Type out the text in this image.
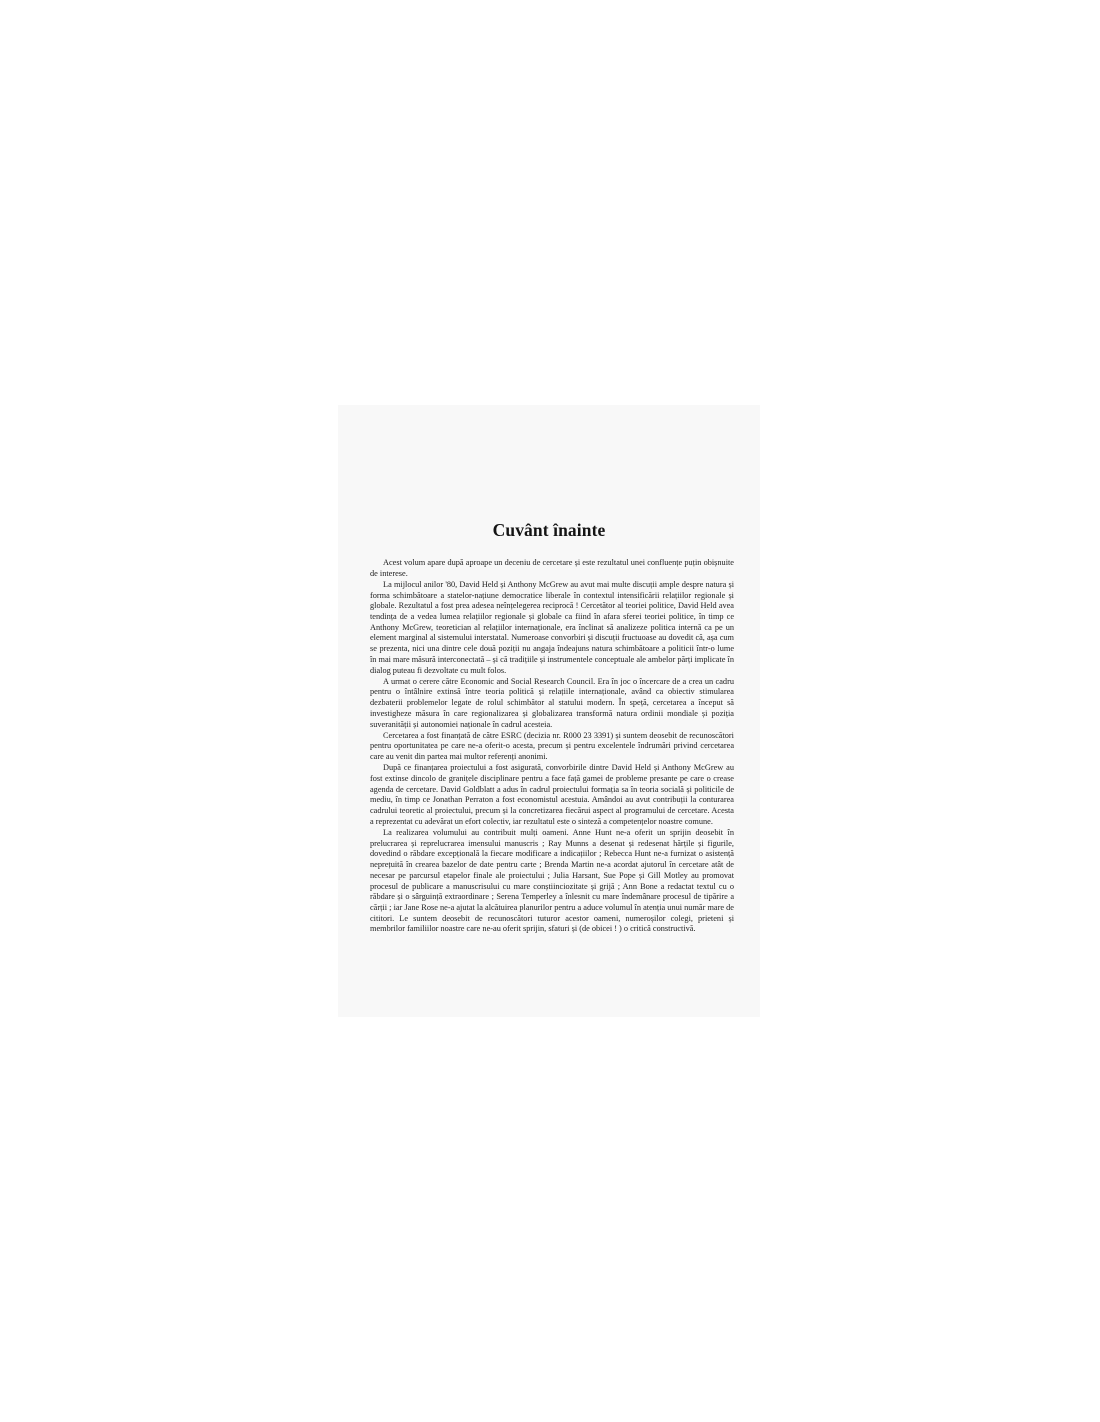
Cuvânt înainte

Acest volum apare după aproape un deceniu de cercetare și este rezultatul unei confluențe puțin obișnuite de interese.

La mijlocul anilor '80, David Held și Anthony McGrew au avut mai multe discuții ample despre natura și forma schimbătoare a statelor-națiune democratice liberale în contextul intensificării relațiilor regionale și globale. Rezultatul a fost prea adesea neînțelegerea reciprocă ! Cercetător al teoriei politice, David Held avea tendința de a vedea lumea relațiilor regionale și globale ca fiind în afara sferei teoriei politice, în timp ce Anthony McGrew, teoretician al relațiilor internaționale, era înclinat să analizeze politica internă ca pe un element marginal al sistemului interstatal. Numeroase convorbiri și discuții fructuoase au dovedit că, așa cum se prezenta, nici una dintre cele două poziții nu angaja îndeajuns natura schimbătoare a politicii într-o lume în mai mare măsură interconectată – și că tradițiile și instrumentele conceptuale ale ambelor părți implicate în dialog puteau fi dezvoltate cu mult folos.

A urmat o cerere către Economic and Social Research Council. Era în joc o încercare de a crea un cadru pentru o întâlnire extinsă între teoria politică și relațiile internaționale, având ca obiectiv stimularea dezbaterii problemelor legate de rolul schimbător al statului modern. În speță, cercetarea a început să investigheze măsura în care regionalizarea și globalizarea transformă natura ordinii mondiale și poziția suveranității și autonomiei naționale în cadrul acesteia.

Cercetarea a fost finanțată de către ESRC (decizia nr. R000 23 3391) și suntem deosebit de recunoscători pentru oportunitatea pe care ne-a oferit-o acesta, precum și pentru excelentele îndrumări privind cercetarea care au venit din partea mai multor referenți anonimi.

După ce finanțarea proiectului a fost asigurată, convorbirile dintre David Held și Anthony McGrew au fost extinse dincolo de granițele disciplinare pentru a face față gamei de probleme presante pe care o crease agenda de cercetare. David Goldblatt a adus în cadrul proiectului formația sa în teoria socială și politicile de mediu, în timp ce Jonathan Perraton a fost economistul acestuia. Amândoi au avut contribuții la conturarea cadrului teoretic al proiectului, precum și la concretizarea fiecărui aspect al programului de cercetare. Acesta a reprezentat cu adevărat un efort colectiv, iar rezultatul este o sinteză a competențelor noastre comune.

La realizarea volumului au contribuit mulți oameni. Anne Hunt ne-a oferit un sprijin deosebit în prelucrarea și reprelucrarea imensului manuscris ; Ray Munns a desenat și redesenat hărțile și figurile, dovedind o răbdare excepțională la fiecare modificare a indicațiilor ; Rebecca Hunt ne-a furnizat o asistență neprețuită în crearea bazelor de date pentru carte ; Brenda Martin ne-a acordat ajutorul în cercetare atât de necesar pe parcursul etapelor finale ale proiectului ; Julia Harsant, Sue Pope și Gill Motley au promovat procesul de publicare a manuscrisului cu mare conștiinciozitate și grijă ; Ann Bone a redactat textul cu o răbdare și o sârguință extraordinare ; Serena Temperley a înlesnit cu mare îndemânare procesul de tipărire a cărții ; iar Jane Rose ne-a ajutat la alcătuirea planurilor pentru a aduce volumul în atenția unui număr mare de cititori. Le suntem deosebit de recunoscători tuturor acestor oameni, numeroșilor colegi, prieteni și membrilor familiilor noastre care ne-au oferit sprijin, sfaturi și (de obicei ! ) o critică constructivă.
